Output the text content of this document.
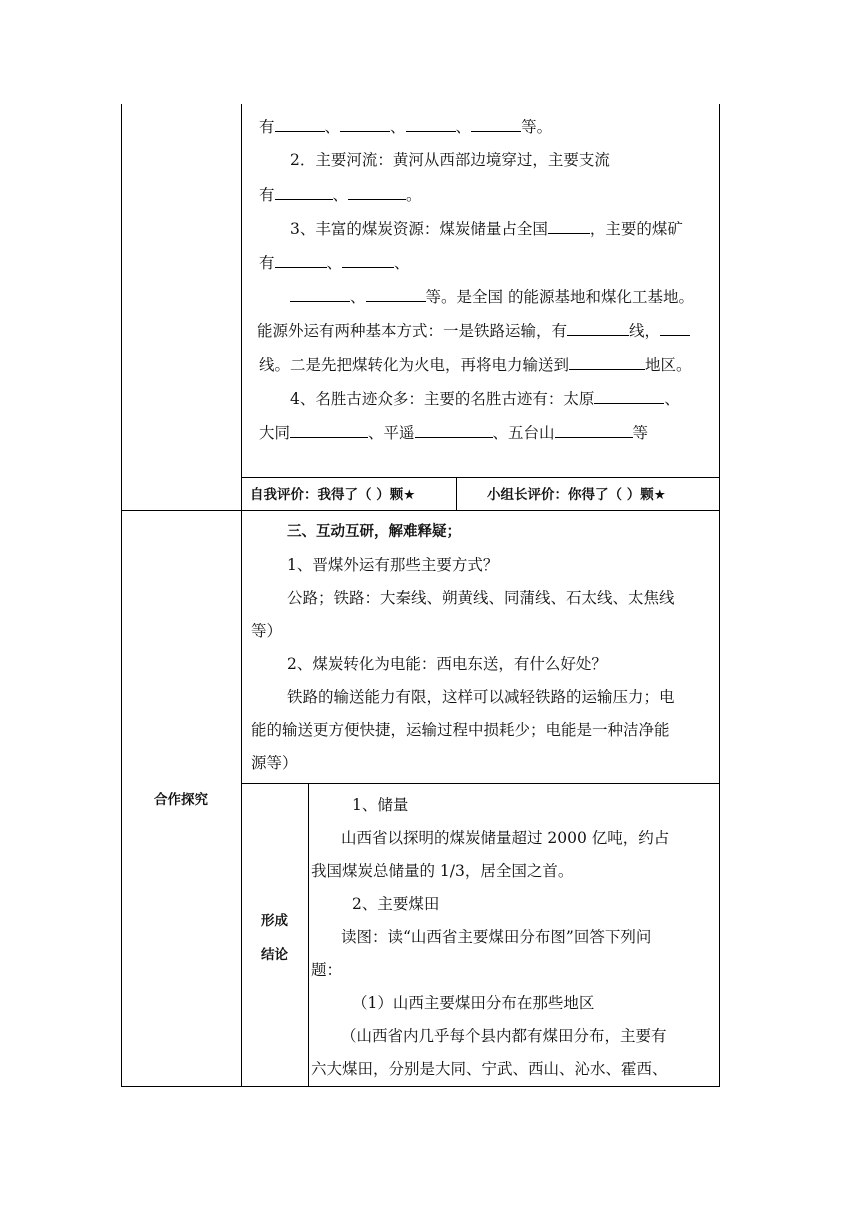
有	、	、	、	等。
2．主要河流：黄河从西部边境穿过，主要支流
有	、	。
3、丰富的煤炭资源：煤炭储量占全国	，主要的煤矿
有	、	、
、	等。是全国 的能源基地和煤化工基地。
能源外运有两种基本方式：一是铁路运输，有	线，
线。二是先把煤转化为火电，再将电力输送到	地区。
4、名胜古迹众多：主要的名胜古迹有：太原	、
大同	、平遥	、五台山	等
自我评价：我得了（ ）颗★	小组长评价：你得了（ ）颗★
合作探究
三、互动互研，解难释疑；
1、晋煤外运有那些主要方式？
公路；铁路：大秦线、朔黄线、同蒲线、石太线、太焦线
等）
2、煤炭转化为电能：西电东送，有什么好处？
铁路的输送能力有限，这样可以减轻铁路的运输压力；电
能的输送更方便快捷，运输过程中损耗少；电能是一种洁净能
源等）
形成
结论
1、储量
山西省以探明的煤炭储量超过 2000 亿吨，约占
我国煤炭总储量的 1/3，居全国之首。
2、主要煤田
读图：读“山西省主要煤田分布图”回答下列问
题：
（1）山西主要煤田分布在那些地区
（山西省内几乎每个县内都有煤田分布，主要有
六大煤田，分别是大同、宁武、西山、沁水、霍西、
